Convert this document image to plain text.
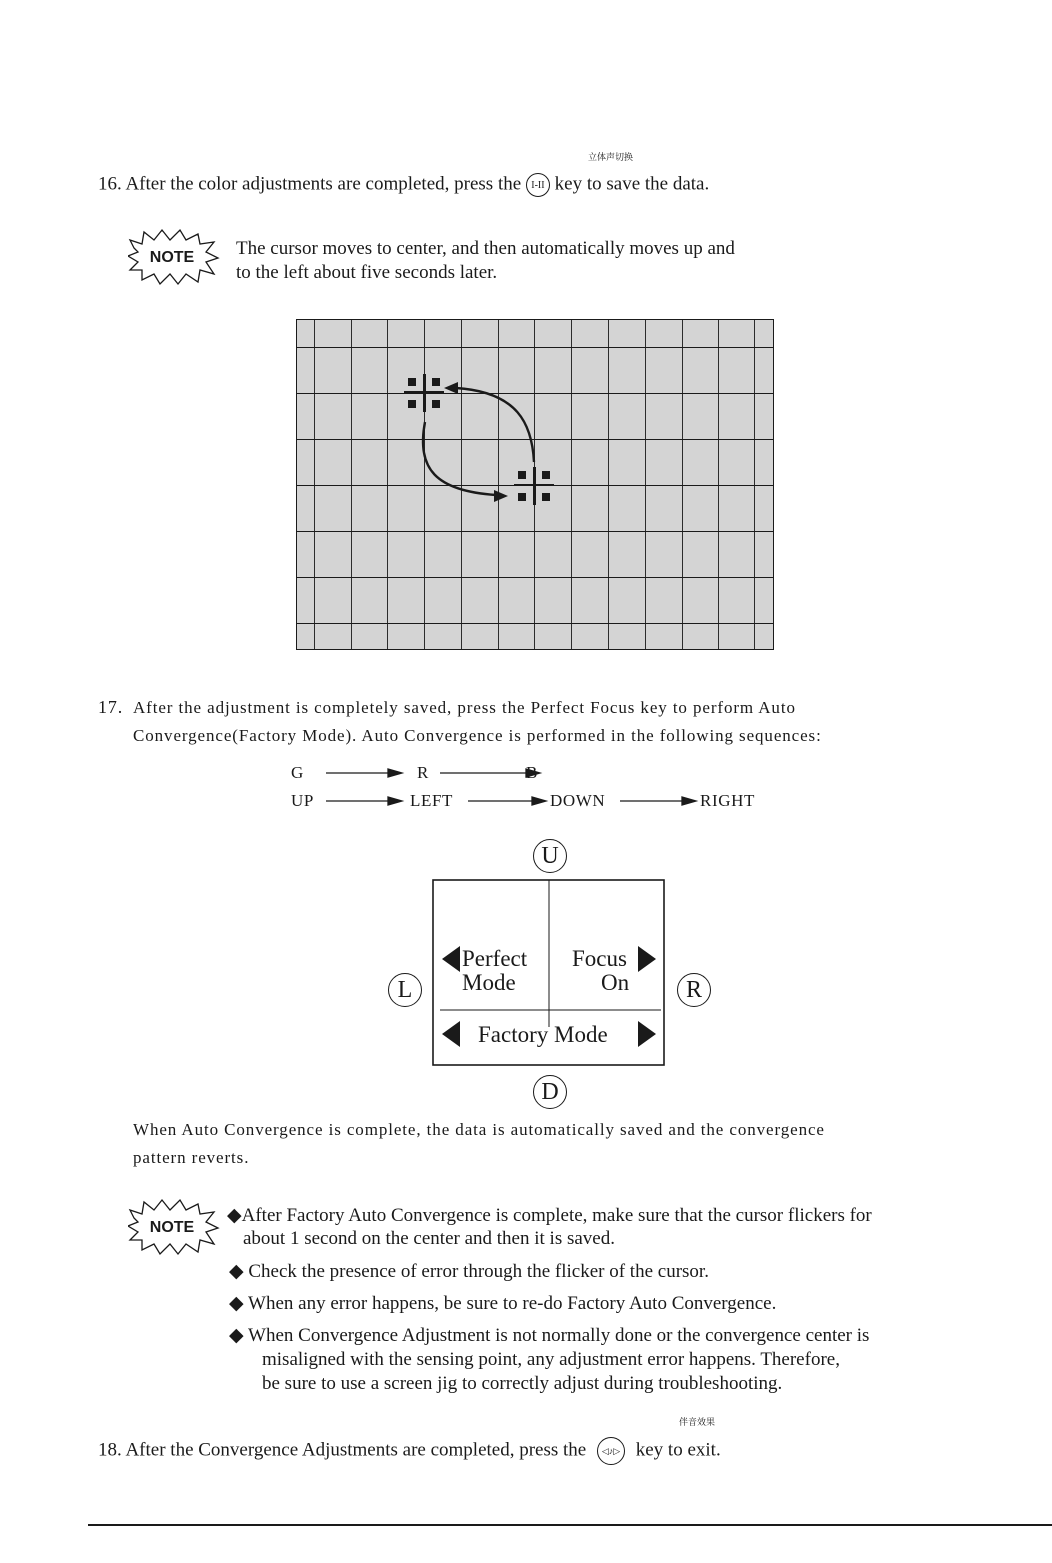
立体声切换
16. After the color adjustments are completed, press the I-II key to save the data.
NOTE The cursor moves to center, and then automatically moves up and
to the left about five seconds later.
17. After the adjustment is completely saved, press the Perfect Focus key to perform Auto
Convergence(Factory Mode). Auto Convergence is performed in the following sequences:
G	R
UP	LEFT	DOWN	RIGHT
U
L	R
D
Perfect
Mode
Focus
On
Factory Mode
When Auto Convergence is complete, the data is automatically saved and the convergence
pattern reverts.
NOTE
◆After Factory Auto Convergence is complete, make sure that the cursor flickers for
about 1 second on the center and then it is saved.
◆ Check the presence of error through the flicker of the cursor.
◆ When any error happens, be sure to re-do Factory Auto Convergence.
◆ When Convergence Adjustment is not normally done or the convergence center is
misaligned with the sensing point, any adjustment error happens. Therefore,
be sure to use a screen jig to correctly adjust during troubleshooting.
伴音效果
18. After the Convergence Adjustments are completed, press the ◁♪▷ key to exit.
